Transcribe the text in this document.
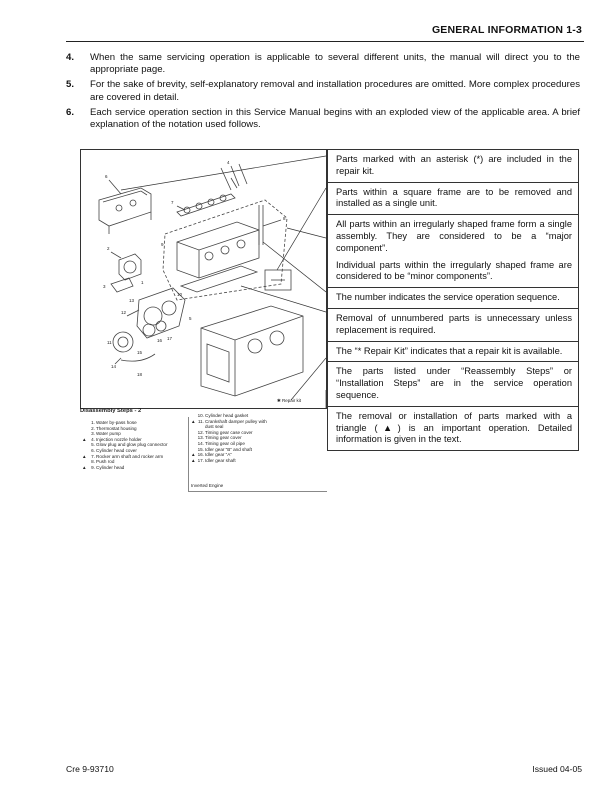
GENERAL INFORMATION 1-3
4. When the same servicing operation is applicable to several different units, the manual will direct you to the appropriate page.
5. For the sake of brevity, self-explanatory removal and installation procedures are omitted. More complex procedures are covered in detail.
6. Each service operation section in this Service Manual begins with an exploded view of the applicable area. A brief explanation of the notation used follows.
6
7
4
8
9
2
3
10
16 17
12
14
13
15
11
1
5
18
✱ Repair kit

Parts marked with an asterisk (*) are included in the repair kit.

Parts within a square frame are to be removed and installed as a single unit.

All parts within an irregularly shaped frame form a single assembly. They are considered to be a “major component”.

Individual parts within the irregularly shaped frame are considered to be “minor components”.

The number indicates the service operation sequence.

Removal of unnumbered parts is unnecessary unless replacement is required.

The “* Repair Kit” indicates that a repair kit is available.

The parts listed under “Reassembly Steps” or “Installation Steps” are in the service operation sequence.

The removal or installation of parts marked with a triangle (▲) is an important operation. Detailed information is given in the text.

Disassembly Steps - 2
1. Water by-pass hose
2. Thermostat housing
3. Water pump
▲	4. Injection nozzle holder
5. Glow plug and glow plug connector
6. Cylinder head cover
▲	7. Rocker arm shaft and rocker arm
8. Push rod
▲	9. Cylinder head
10. Cylinder head gasket
▲ 11. Crankshaft damper pulley with
dust seal
12. Timing gear case cover
13. Timing gear cover
14. Timing gear oil pipe
15. Idler gear “B” and shaft
▲ 16. Idler gear “A”
▲ 17. Idler gear shaft
Inverted Engine
Cre 9-93710	Issued 04-05
